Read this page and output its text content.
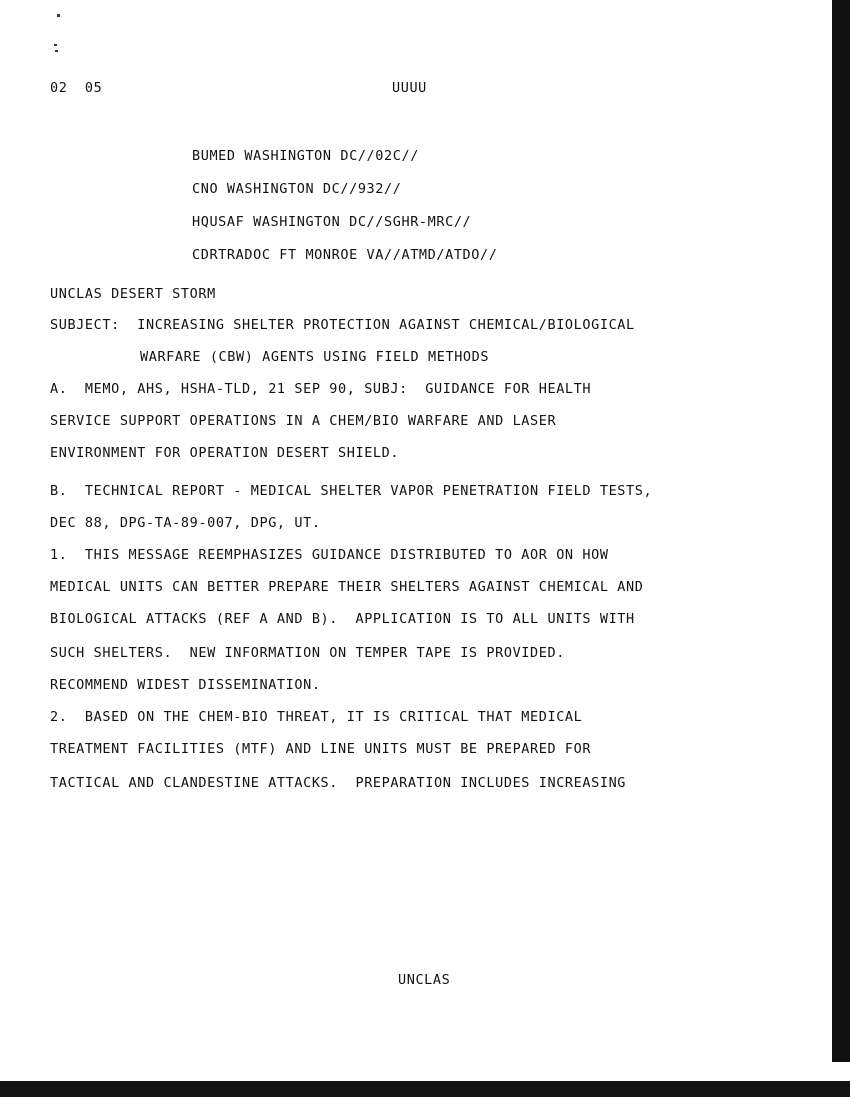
02  05	UUUU
BUMED WASHINGTON DC//02C//
CNO WASHINGTON DC//932//
HQUSAF WASHINGTON DC//SGHR-MRC//
CDRTRADOC FT MONROE VA//ATMD/ATDO//
UNCLAS DESERT STORM
SUBJECT:  INCREASING SHELTER PROTECTION AGAINST CHEMICAL/BIOLOGICAL
WARFARE (CBW) AGENTS USING FIELD METHODS
A.  MEMO, AHS, HSHA-TLD, 21 SEP 90, SUBJ:  GUIDANCE FOR HEALTH
SERVICE SUPPORT OPERATIONS IN A CHEM/BIO WARFARE AND LASER
ENVIRONMENT FOR OPERATION DESERT SHIELD.
B.  TECHNICAL REPORT - MEDICAL SHELTER VAPOR PENETRATION FIELD TESTS,
DEC 88, DPG-TA-89-007, DPG, UT.
1.  THIS MESSAGE REEMPHASIZES GUIDANCE DISTRIBUTED TO AOR ON HOW
MEDICAL UNITS CAN BETTER PREPARE THEIR SHELTERS AGAINST CHEMICAL AND
BIOLOGICAL ATTACKS (REF A AND B).  APPLICATION IS TO ALL UNITS WITH
SUCH SHELTERS.  NEW INFORMATION ON TEMPER TAPE IS PROVIDED.
RECOMMEND WIDEST DISSEMINATION.
2.  BASED ON THE CHEM-BIO THREAT, IT IS CRITICAL THAT MEDICAL
TREATMENT FACILITIES (MTF) AND LINE UNITS MUST BE PREPARED FOR
TACTICAL AND CLANDESTINE ATTACKS.  PREPARATION INCLUDES INCREASING
UNCLAS
